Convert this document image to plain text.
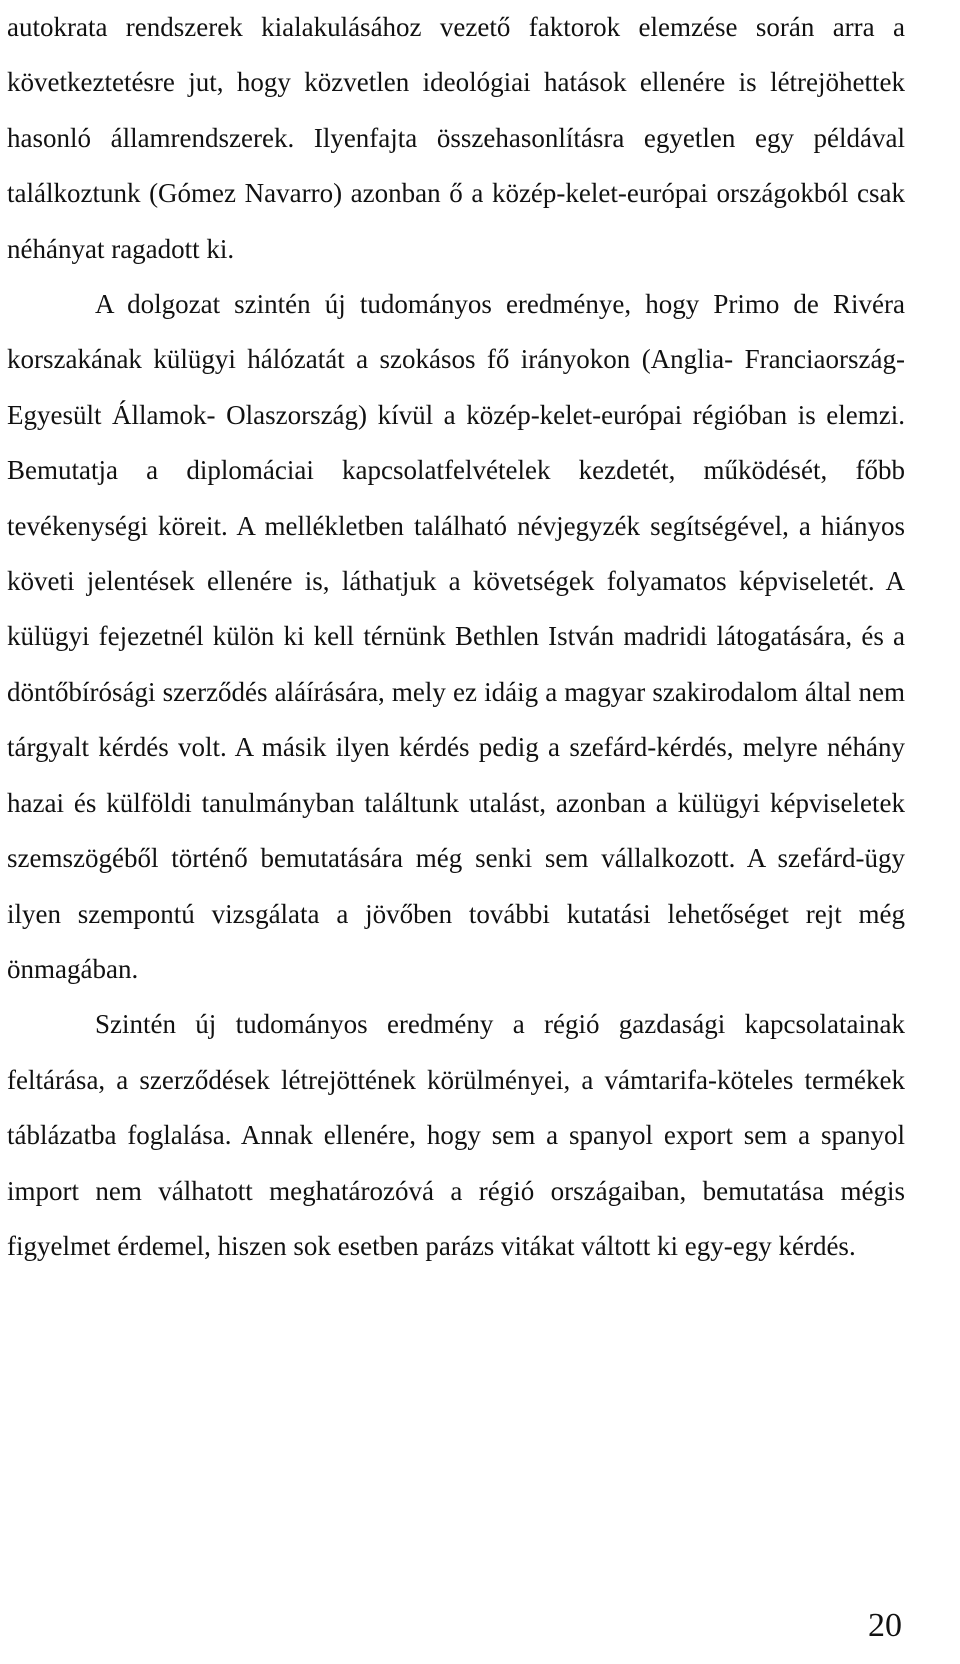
autokrata rendszerek kialakulásához vezető faktorok elemzése során arra a következtetésre jut, hogy közvetlen ideológiai hatások ellenére is létrejöhettek hasonló államrendszerek. Ilyenfajta összehasonlításra egyetlen egy példával találkoztunk (Gómez Navarro) azonban ő a közép-kelet-európai országokból csak néhányat ragadott ki.

A dolgozat szintén új tudományos eredménye, hogy Primo de Rivéra korszakának külügyi hálózatát a szokásos fő irányokon (Anglia- Franciaország- Egyesült Államok- Olaszország) kívül a közép-kelet-európai régióban is elemzi. Bemutatja a diplomáciai kapcsolatfelvételek kezdetét, működését, főbb tevékenységi köreit. A mellékletben található névjegyzék segítségével, a hiányos követi jelentések ellenére is, láthatjuk a követségek folyamatos képviseletét. A külügyi fejezetnél külön ki kell térnünk Bethlen István madridi látogatására, és a döntőbírósági szerződés aláírására, mely ez idáig a magyar szakirodalom által nem tárgyalt kérdés volt. A másik ilyen kérdés pedig a szefárd-kérdés, melyre néhány hazai és külföldi tanulmányban találtunk utalást, azonban a külügyi képviseletek szemszögéből történő bemutatására még senki sem vállalkozott. A szefárd-ügy ilyen szempontú vizsgálata a jövőben további kutatási lehetőséget rejt még önmagában.

Szintén új tudományos eredmény a régió gazdasági kapcsolatainak feltárása, a szerződések létrejöttének körülményei, a vámtarifa-köteles termékek táblázatba foglalása. Annak ellenére, hogy sem a spanyol export sem a spanyol import nem válhatott meghatározóvá a régió országaiban, bemutatása mégis figyelmet érdemel, hiszen sok esetben parázs vitákat váltott ki egy-egy kérdés.

20
